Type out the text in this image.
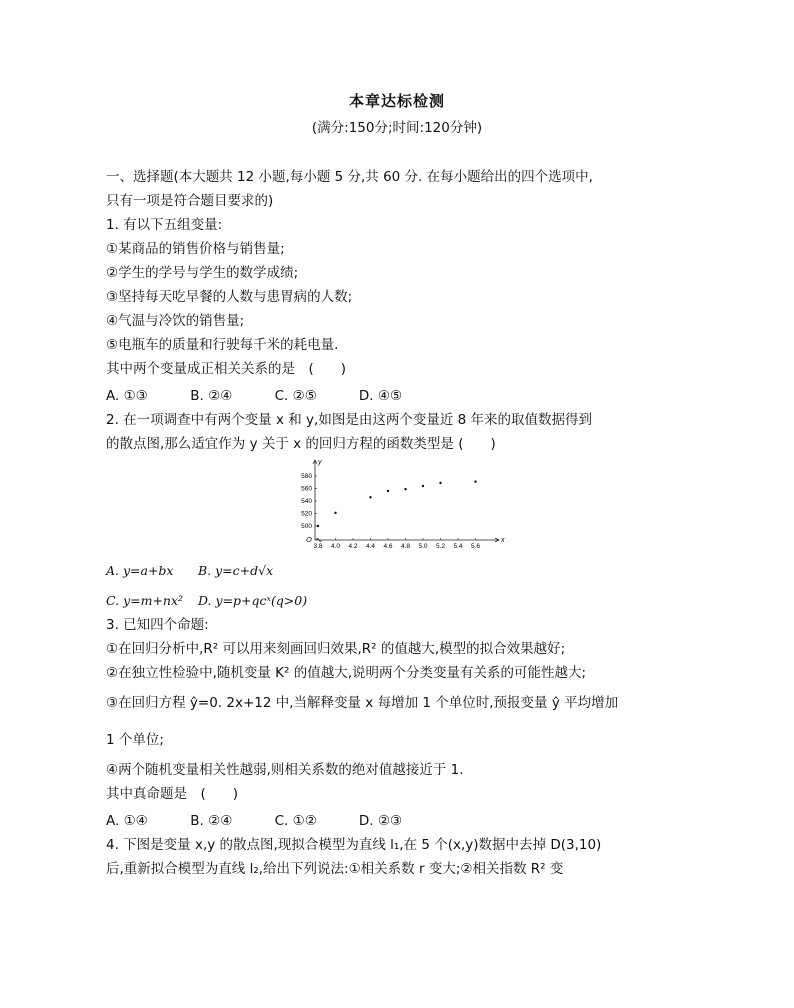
本章达标检测
(满分:150分;时间:120分钟)
一、选择题(本大题共 12 小题,每小题 5 分,共 60 分. 在每小题给出的四个选项中,
只有一项是符合题目要求的)
1. 有以下五组变量:
①某商品的销售价格与销售量;
②学生的学号与学生的数学成绩;
③坚持每天吃早餐的人数与患胃病的人数;
④气温与冷饮的销售量;
⑤电瓶车的质量和行驶每千米的耗电量.
其中两个变量成正相关关系的是　(　　)
A. ①③	B. ②④	C. ②⑤	D. ④⑤
2. 在一项调查中有两个变量 x 和 y,如图是由这两个变量近 8 年来的取值数据得到
的散点图,那么适宜作为 y 关于 x 的回归方程的函数类型是 (　　)
x
y
O
3.8 4.0 4.2 4.4 4.6 4.8 5.0 5.2 5.4 5.6
500
520
540
560
580
A. y=a+bx B. y=c+d√x
C. y=m+nx² D. y=p+qcˣ(q>0)
3. 已知四个命题:
①在回归分析中,R² 可以用来刻画回归效果,R² 的值越大,模型的拟合效果越好;
②在独立性检验中,随机变量 K² 的值越大,说明两个分类变量有关系的可能性越大;
③在回归方程 ŷ=0. 2x+12 中,当解释变量 x 每增加 1 个单位时,预报变量 ŷ 平均增加
1 个单位;
④两个随机变量相关性越弱,则相关系数的绝对值越接近于 1.
其中真命题是　(　　)
A. ①④	B. ②④	C. ①②	D. ②③
4. 下图是变量 x,y 的散点图,现拟合模型为直线 l₁,在 5 个(x,y)数据中去掉 D(3,10)
后,重新拟合模型为直线 l₂,给出下列说法:①相关系数 r 变大;②相关指数 R² 变
